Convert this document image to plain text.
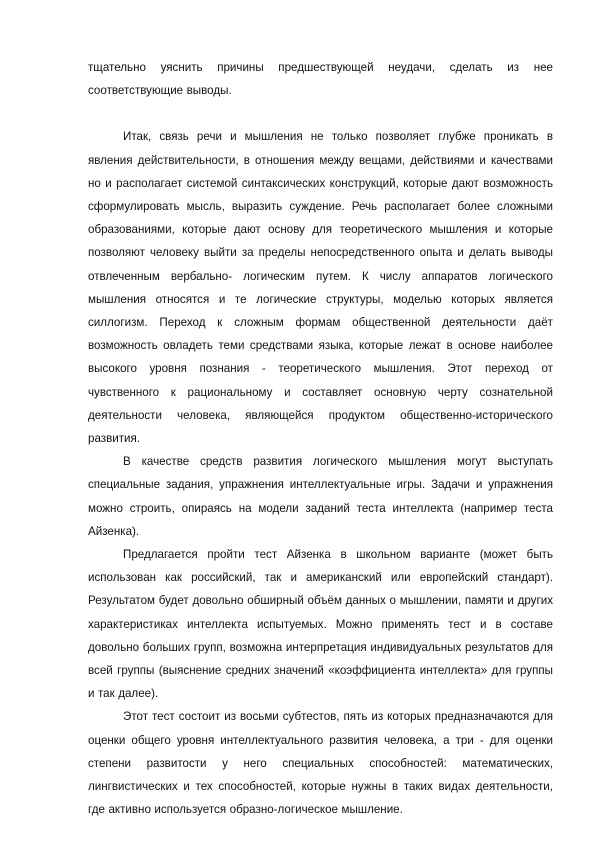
тщательно уяснить причины предшествующей неудачи, сделать из нее соответствующие выводы.

Итак, связь речи и мышления не только позволяет глубже проникать в явления действительности, в отношения между вещами, действиями и качествами но и располагает системой синтаксических конструкций, которые дают возможность сформулировать мысль, выразить суждение. Речь располагает более сложными образованиями, которые дают основу для теоретического мышления и которые позволяют человеку выйти за пределы непосредственного опыта и делать выводы отвлеченным вербально- логическим путем. К числу аппаратов логического мышления относятся и те логические структуры, моделью которых является силлогизм. Переход к сложным формам общественной деятельности даёт возможность овладеть теми средствами языка, которые лежат в основе наиболее высокого уровня познания - теоретического мышления. Этот переход от чувственного к рациональному и составляет основную черту сознательной деятельности человека, являющейся продуктом общественно-исторического развития.

В качестве средств развития логического мышления могут выступать специальные задания, упражнения интеллектуальные игры. Задачи и упражнения можно строить, опираясь на модели заданий теста интеллекта (например теста Айзенка).

Предлагается пройти тест Айзенка в школьном варианте (может быть использован как российский, так и американский или европейский стандарт). Результатом будет довольно обширный объём данных о мышлении, памяти и других характеристиках интеллекта испытуемых. Можно применять тест и в составе довольно больших групп, возможна интерпретация индивидуальных результатов для всей группы (выяснение средних значений «коэффициента интеллекта» для группы и так далее).

Этот тест состоит из восьми субтестов, пять из которых предназначаются для оценки общего уровня интеллектуального развития человека, а три - для оценки степени развитости у него специальных способностей: математических, лингвистических и тех способностей, которые нужны в таких видах деятельности, где активно используется образно-логическое мышление.
